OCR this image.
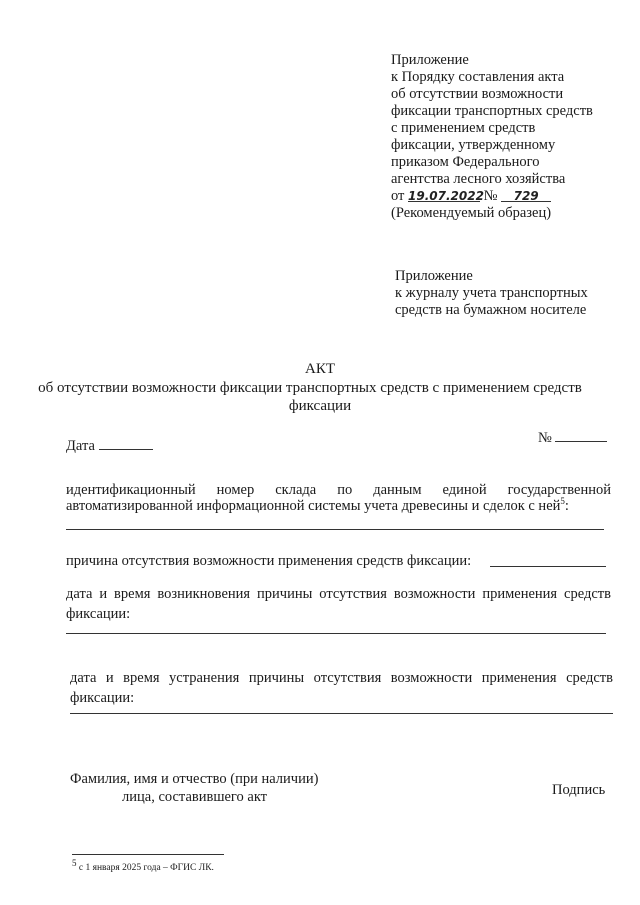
Приложение
к Порядку составления акта
об отсутствии возможности
фиксации транспортных средств
с применением средств
фиксации, утвержденному
приказом Федерального
агентства лесного хозяйства
от 19.07.2022 № 729
(Рекомендуемый образец)
Приложение
к журналу учета транспортных
средств на бумажном носителе
АКТ
об отсутствии возможности фиксации транспортных средств с применением средств
фиксации
Дата	№
идентификационный номер склада по данным единой государственной
автоматизированной информационной системы учета древесины и сделок с ней$^5$:
причина отсутствия возможности применения средств фиксации:
дата и время возникновения причины отсутствия возможности применения средств
фиксации:
дата и время устранения причины отсутствия возможности применения средств
фиксации:
Фамилия, имя и отчество (при наличии)
лица, составившего акт	Подпись
$^5$ с 1 января 2025 года – ФГИС ЛК.
